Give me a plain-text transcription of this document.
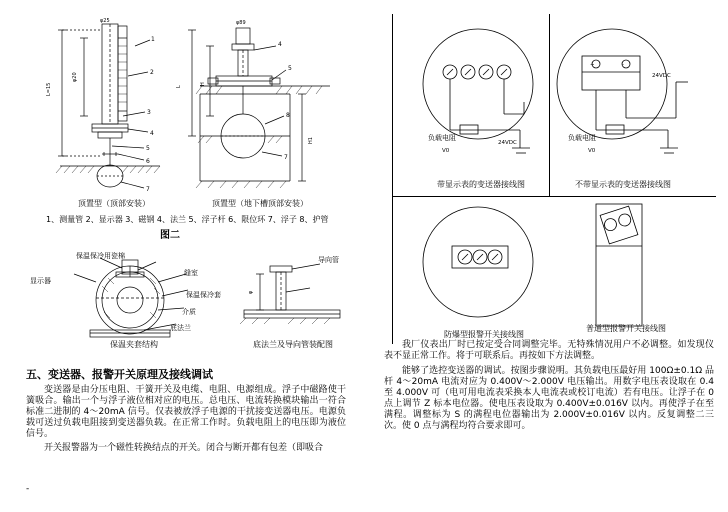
L=15
φ20
φ25
L
H
H1
φ89
1
2
3
4
5
6
7
4
5
8
7
顶置型（顶部安装）	顶置型（地下槽顶部安装）
1、测量管 2、显示器 3、磁钢 4、法兰 5、浮子杆 6、限位环 7、浮子 8、护管
图二
φ
保温保冷用瓷棉
显示器
缝室
保温保冷套
介质
底法兰
导向管
保温夹套结构	底法兰及导向管装配图
五、变送器、报警开关原理及接线调试
变送器是由分压电阻、干簧开关及电缆、电阻、电源组成。浮子中磁路使干簧吸合。输出一个与浮子液位相对应的电压。总电压、电流转换模块输出一符合标准二进制的 4～20mA 信号。仅表被放浮子电源的干扰接变送器电压。电源负载可送过负载电阻接到变送器负载。在正常工作时。负载电阻上的电压即为液位信号。
开关报警器为一个磁性转换结点的开关。闭合与断开都有包差（即吸合
V0
24VDC
负载电阻
带显示表的变送器接线图
+	-
V0
24VDC
负载电阻
不带显示表的变送器接线图
防爆型报警开关接线图
普通型报警开关接线图
我厂仪表出厂时已按定受合同调整完毕。无特殊情况用户不必调整。如发现仪表不显正常工作。将于可联系后。再按如下方法调整。
能够了选控变送器的调试。按图步骤说明。其负载电压最好用 100Ω±0.1Ω 品杆 4～20mA 电流对应为 0.400V～2.000V 电压输出。用数字电压表设取在 0.4 至 4.000V 可（电可用电流表采换本人电流表或校订电流）若有电压。让浮子在 0 点上调节 Z 标本电位器。使电压表设取为 0.400V±0.016V 以内。再使浮子在至满程。调整标为 S 的满程电位器输出为 2.000V±0.016V 以内。反复调整二三次。使 0 点与满程均符合要求即可。
-
